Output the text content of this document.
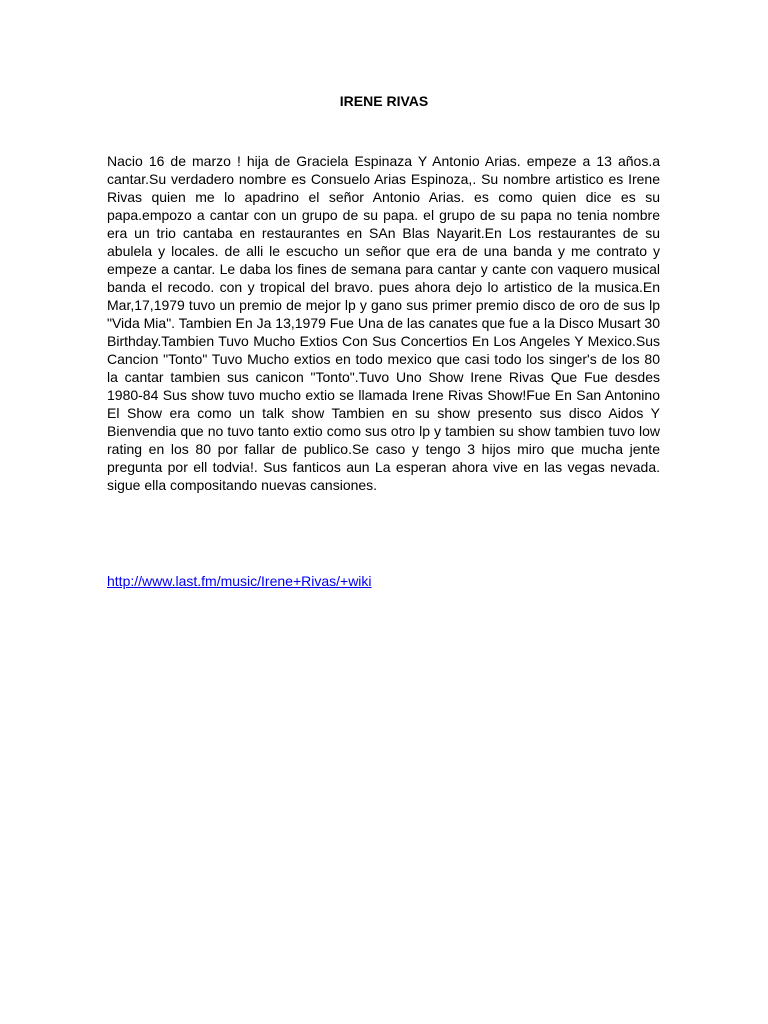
IRENE RIVAS

Nacio 16 de marzo ! hija de Graciela Espinaza Y Antonio Arias. empeze a 13 años.a cantar.Su verdadero nombre es Consuelo Arias Espinoza,. Su nombre artistico es Irene Rivas quien me lo apadrino el señor Antonio Arias. es como quien dice es su papa.empozo a cantar con un grupo de su papa. el grupo de su papa no tenia nombre era un trio cantaba en restaurantes en SAn Blas Nayarit.En Los restaurantes de su abulela y locales. de alli le escucho un señor que era de una banda y me contrato y empeze a cantar. Le daba los fines de semana para cantar y cante con vaquero musical banda el recodo. con y tropical del bravo. pues ahora dejo lo artistico de la musica.En Mar,17,1979 tuvo un premio de mejor lp y gano sus primer premio disco de oro de sus lp "Vida Mia". Tambien En Ja 13,1979 Fue Una de las canates que fue a la Disco Musart 30 Birthday.Tambien Tuvo Mucho Extios Con Sus Concertios En Los Angeles Y Mexico.Sus Cancion "Tonto" Tuvo Mucho extios en todo mexico que casi todo los singer's de los 80 la cantar tambien sus canicon "Tonto".Tuvo Uno Show Irene Rivas Que Fue desdes 1980-84 Sus show tuvo mucho extio se llamada Irene Rivas Show!Fue En San Antonino El Show era como un talk show Tambien en su show presento sus disco Aidos Y Bienvendia que no tuvo tanto extio como sus otro lp y tambien su show tambien tuvo low rating en los 80 por fallar de publico.Se caso y tengo 3 hijos miro que mucha jente pregunta por ell todvia!. Sus fanticos aun La esperan ahora vive en las vegas nevada. sigue ella compositando nuevas cansiones.

http://www.last.fm/music/Irene+Rivas/+wiki
